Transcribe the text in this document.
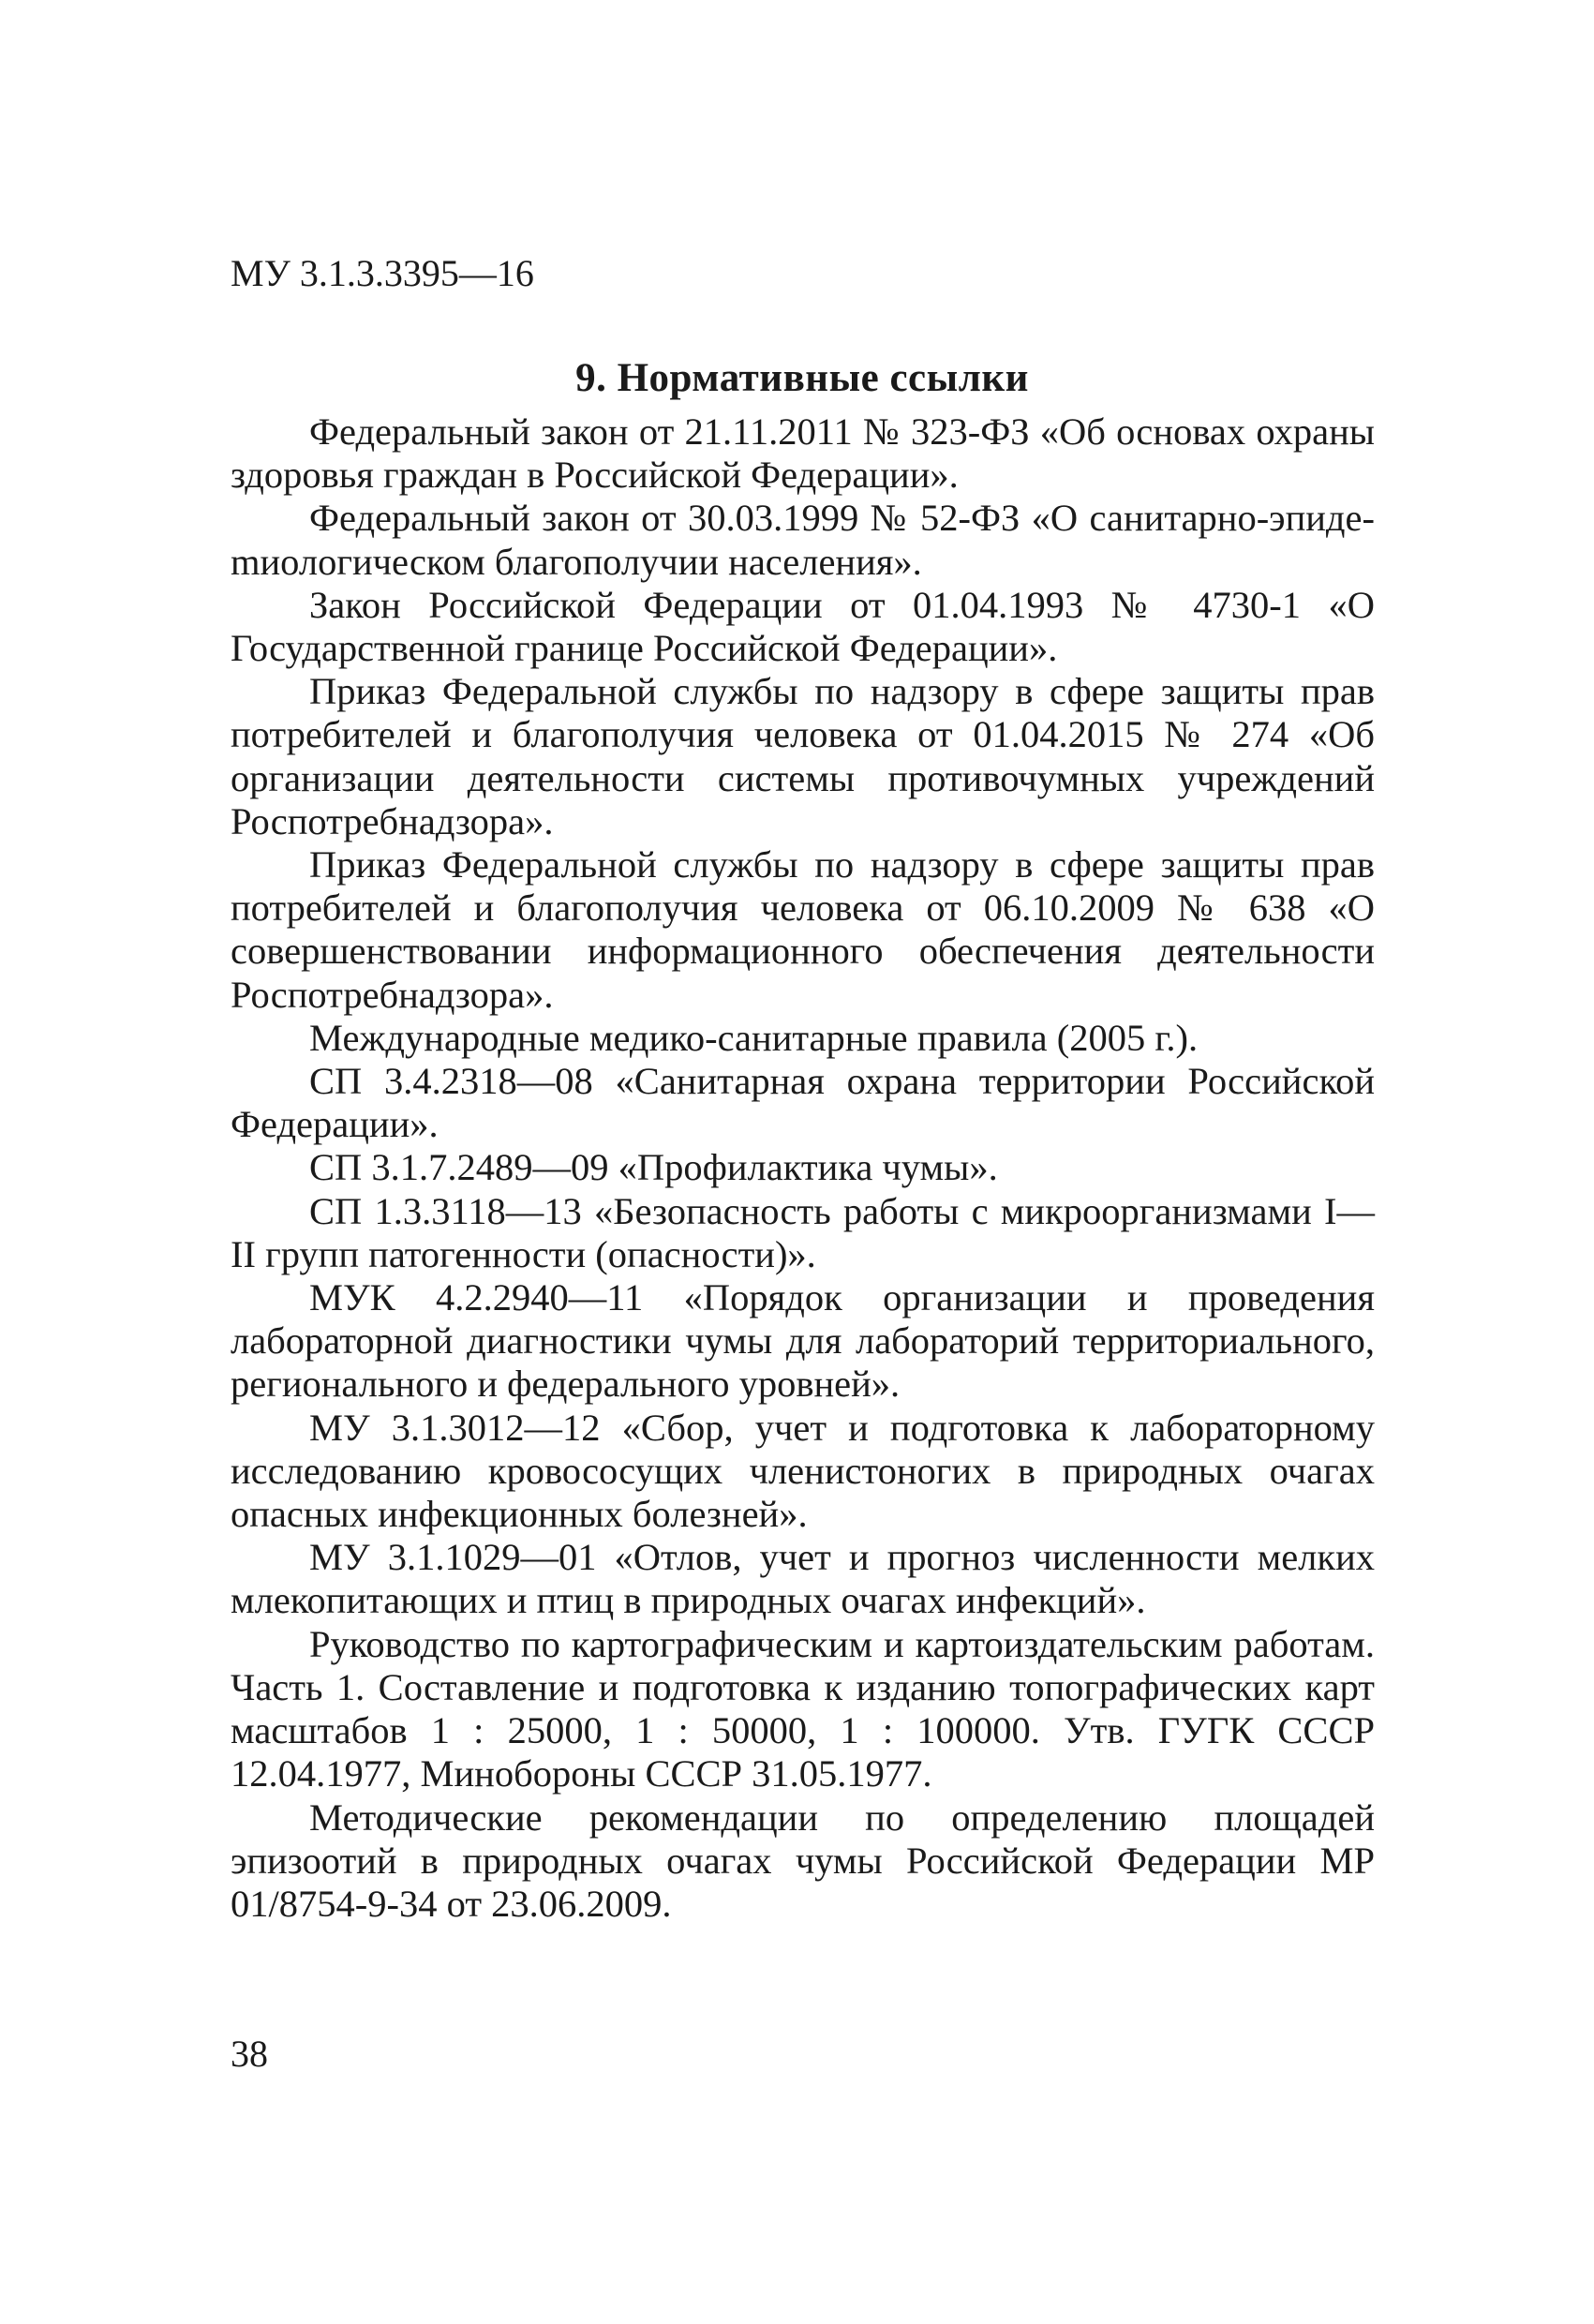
МУ 3.1.3.3395—16

9. Нормативные ссылки
Федеральный закон от 21.11.2011 № 323-ФЗ «Об основах охраны здоровья граждан в Российской Федерации».
Федеральный закон от 30.03.1999 № 52-ФЗ «О санитарно-эпидеmиологическом благополучии населения».
Закон Российской Федерации от 01.04.1993 № 4730-1 «О Государственной границе Российской Федерации».
Приказ Федеральной службы по надзору в сфере защиты прав потребителей и благополучия человека от 01.04.2015 № 274 «Об организации деятельности системы противочумных учреждений Роспотребнадзора».
Приказ Федеральной службы по надзору в сфере защиты прав потребителей и благополучия человека от 06.10.2009 № 638 «О совершенствовании информационного обеспечения деятельности Роспотребнадзора».
Международные медико-санитарные правила (2005 г.).
СП 3.4.2318—08 «Санитарная охрана территории Российской Федерации».
СП 3.1.7.2489—09 «Профилактика чумы».
СП 1.3.3118—13 «Безопасность работы с микроорганизмами I—II групп патогенности (опасности)».
МУК 4.2.2940—11 «Порядок организации и проведения лабораторной диагностики чумы для лабораторий территориального, регионального и федерального уровней».
МУ 3.1.3012—12 «Сбор, учет и подготовка к лабораторному исследованию кровососущих членистоногих в природных очагах опасных инфекционных болезней».
МУ 3.1.1029—01 «Отлов, учет и прогноз численности мелких млекопитающих и птиц в природных очагах инфекций».
Руководство по картографическим и картоиздательским работам. Часть 1. Составление и подготовка к изданию топографических карт масштабов 1 : 25000, 1 : 50000, 1 : 100000. Утв. ГУГК СССР 12.04.1977, Минобороны СССР 31.05.1977.
Методические рекомендации по определению площадей эпизоотий в природных очагах чумы Российской Федерации МР 01/8754-9-34 от 23.06.2009.

38
